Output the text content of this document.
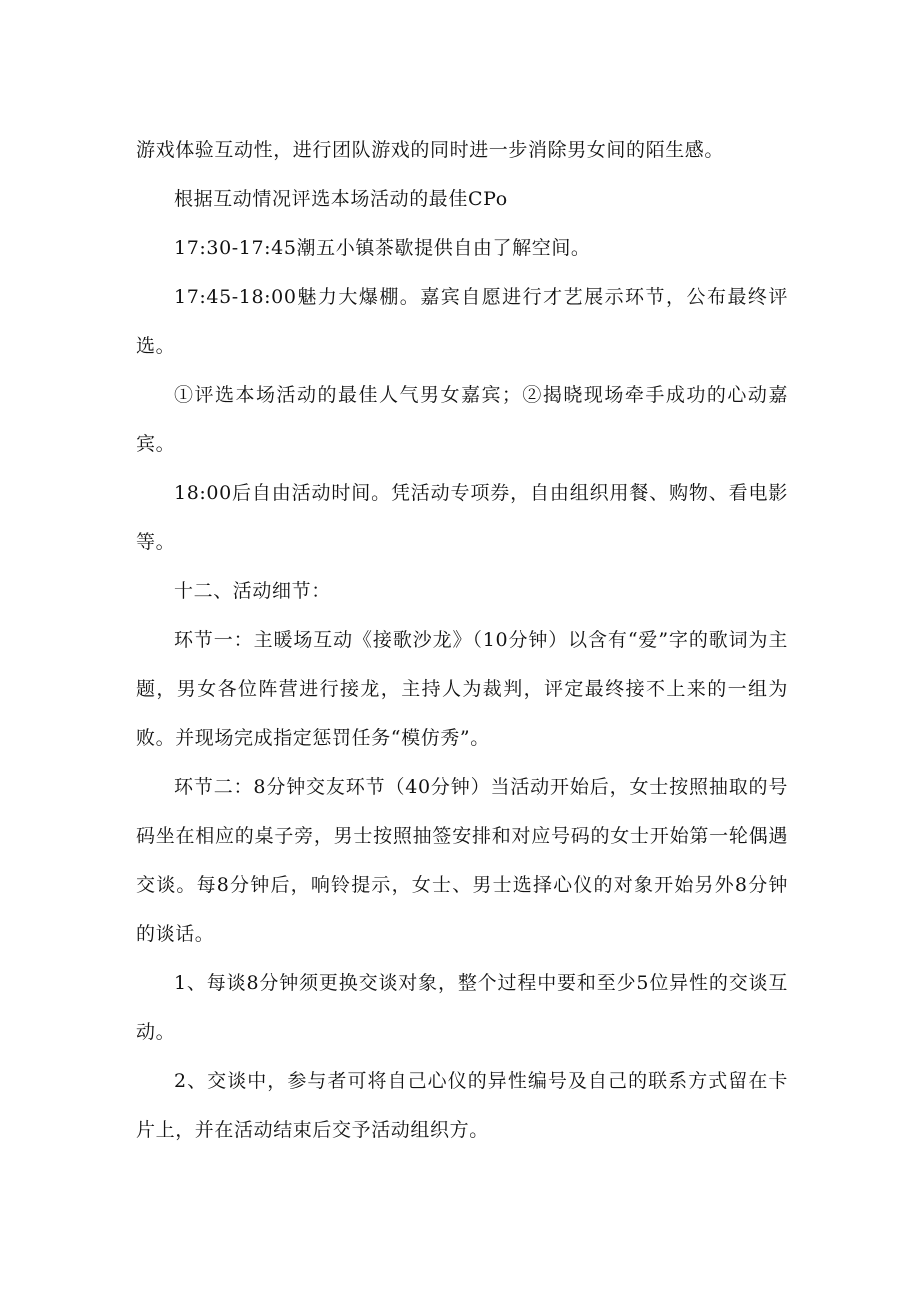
游戏体验互动性，进行团队游戏的同时进一步消除男女间的陌生感。

根据互动情况评选本场活动的最佳CPo

17:30-17:45潮五小镇茶歇提供自由了解空间。

17:45-18:00魅力大爆棚。嘉宾自愿进行才艺展示环节，公布最终评选。

①评选本场活动的最佳人气男女嘉宾；②揭晓现场牵手成功的心动嘉宾。

18:00后自由活动时间。凭活动专项券，自由组织用餐、购物、看电影等。

十二、活动细节：

环节一：主暖场互动《接歌沙龙》（10分钟）以含有“爱”字的歌词为主题，男女各位阵营进行接龙，主持人为裁判，评定最终接不上来的一组为败。并现场完成指定惩罚任务“模仿秀”。

环节二：8分钟交友环节（40分钟）当活动开始后，女士按照抽取的号码坐在相应的桌子旁，男士按照抽签安排和对应号码的女士开始第一轮偶遇交谈。每8分钟后，响铃提示，女士、男士选择心仪的对象开始另外8分钟的谈话。

1、每谈8分钟须更换交谈对象，整个过程中要和至少5位异性的交谈互动。

2、交谈中，参与者可将自己心仪的异性编号及自己的联系方式留在卡片上，并在活动结束后交予活动组织方。
